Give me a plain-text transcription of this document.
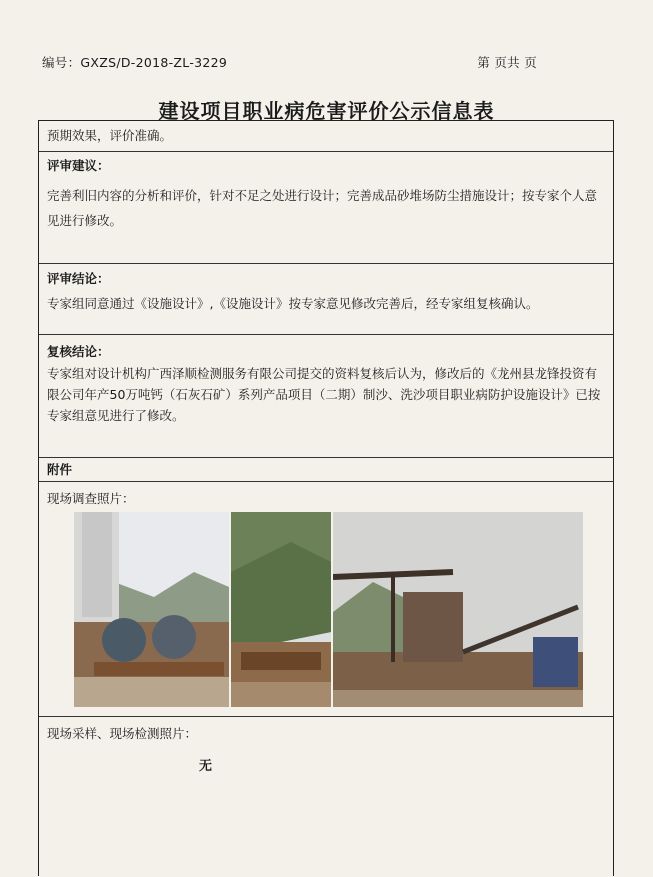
编号：GXZS/D-2018-ZL-3229	第 页共 页
建设项目职业病危害评价公示信息表
预期效果，评价准确。
评审建议：
完善利旧内容的分析和评价，针对不足之处进行设计；完善成品砂堆场防尘措施设计；按专家个人意见进行修改。
评审结论：
专家组同意通过《设施设计》,《设施设计》按专家意见修改完善后，经专家组复核确认。
复核结论：
专家组对设计机构广西泽顺检测服务有限公司提交的资料复核后认为，修改后的《龙州县龙锋投资有限公司年产50万吨钙（石灰石矿）系列产品项目（二期）制沙、洗沙项目职业病防护设施设计》已按专家组意见进行了修改。
附件
现场调查照片：
现场采样、现场检测照片：
无
